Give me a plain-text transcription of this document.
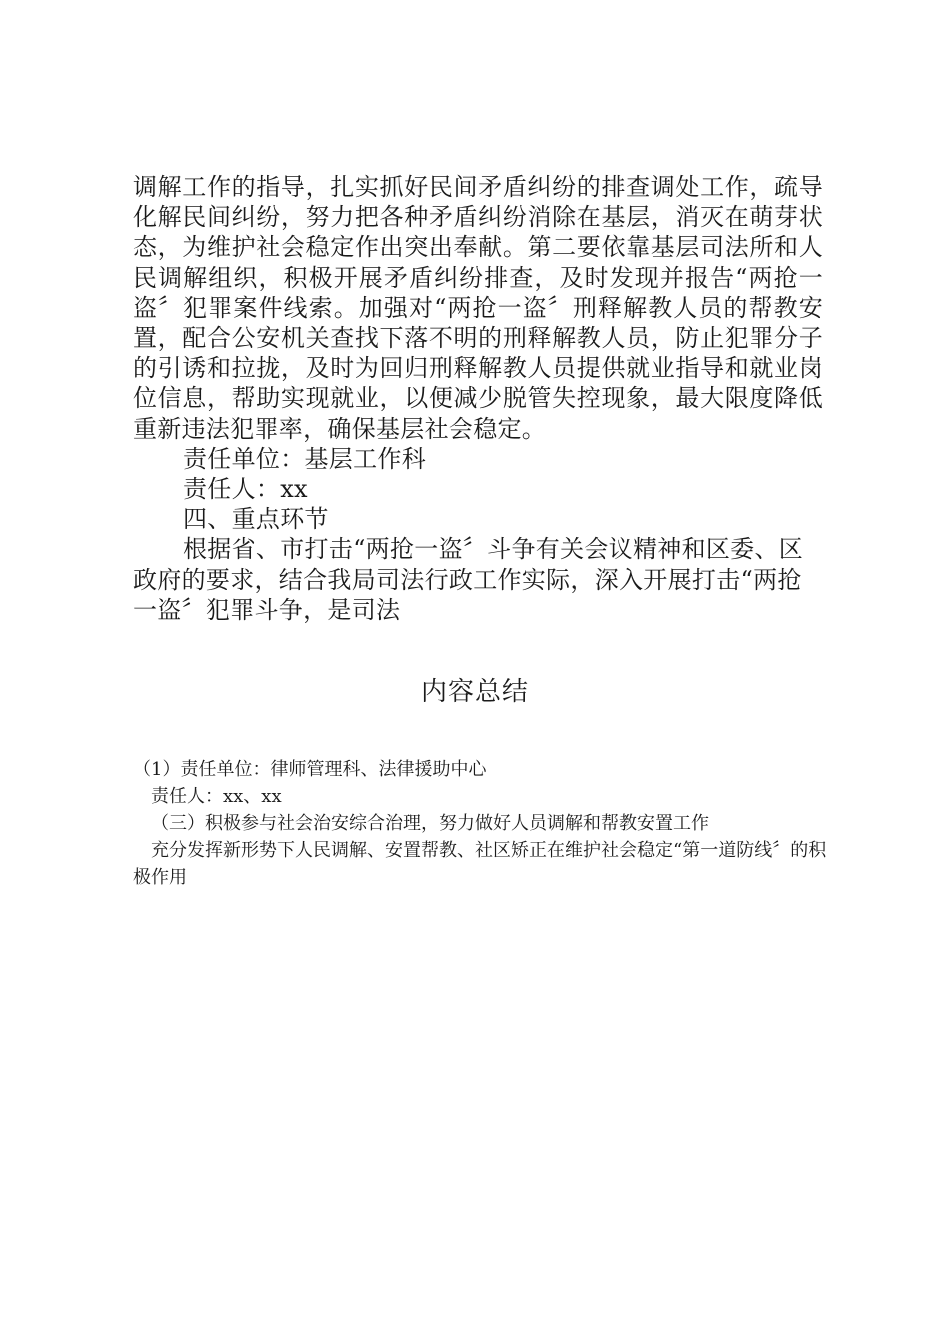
调解工作的指导，扎实抓好民间矛盾纠纷的排查调处工作，疏导化解民间纠纷，努力把各种矛盾纠纷消除在基层，消灭在萌芽状态，为维护社会稳定作出突出奉献。第二要依靠基层司法所和人民调解组织，积极开展矛盾纠纷排查，及时发现并报告“两抢一盗〞犯罪案件线索。加强对“两抢一盗〞刑释解教人员的帮教安置，配合公安机关查找下落不明的刑释解教人员，防止犯罪分子的引诱和拉拢，及时为回归刑释解教人员提供就业指导和就业岗位信息，帮助实现就业，以便减少脱管失控现象，最大限度降低重新违法犯罪率，确保基层社会稳定。

责任单位：基层工作科

责任人：xx

四、重点环节

根据省、市打击“两抢一盗〞斗争有关会议精神和区委、区政府的要求，结合我局司法行政工作实际，深入开展打击“两抢一盗〞犯罪斗争，是司法

内容总结

（1）责任单位：律师管理科、法律援助中心

责任人：xx、xx

（三）积极参与社会治安综合治理，努力做好人员调解和帮教安置工作

充分发挥新形势下人民调解、安置帮教、社区矫正在维护社会稳定“第一道防线〞的积极作用
